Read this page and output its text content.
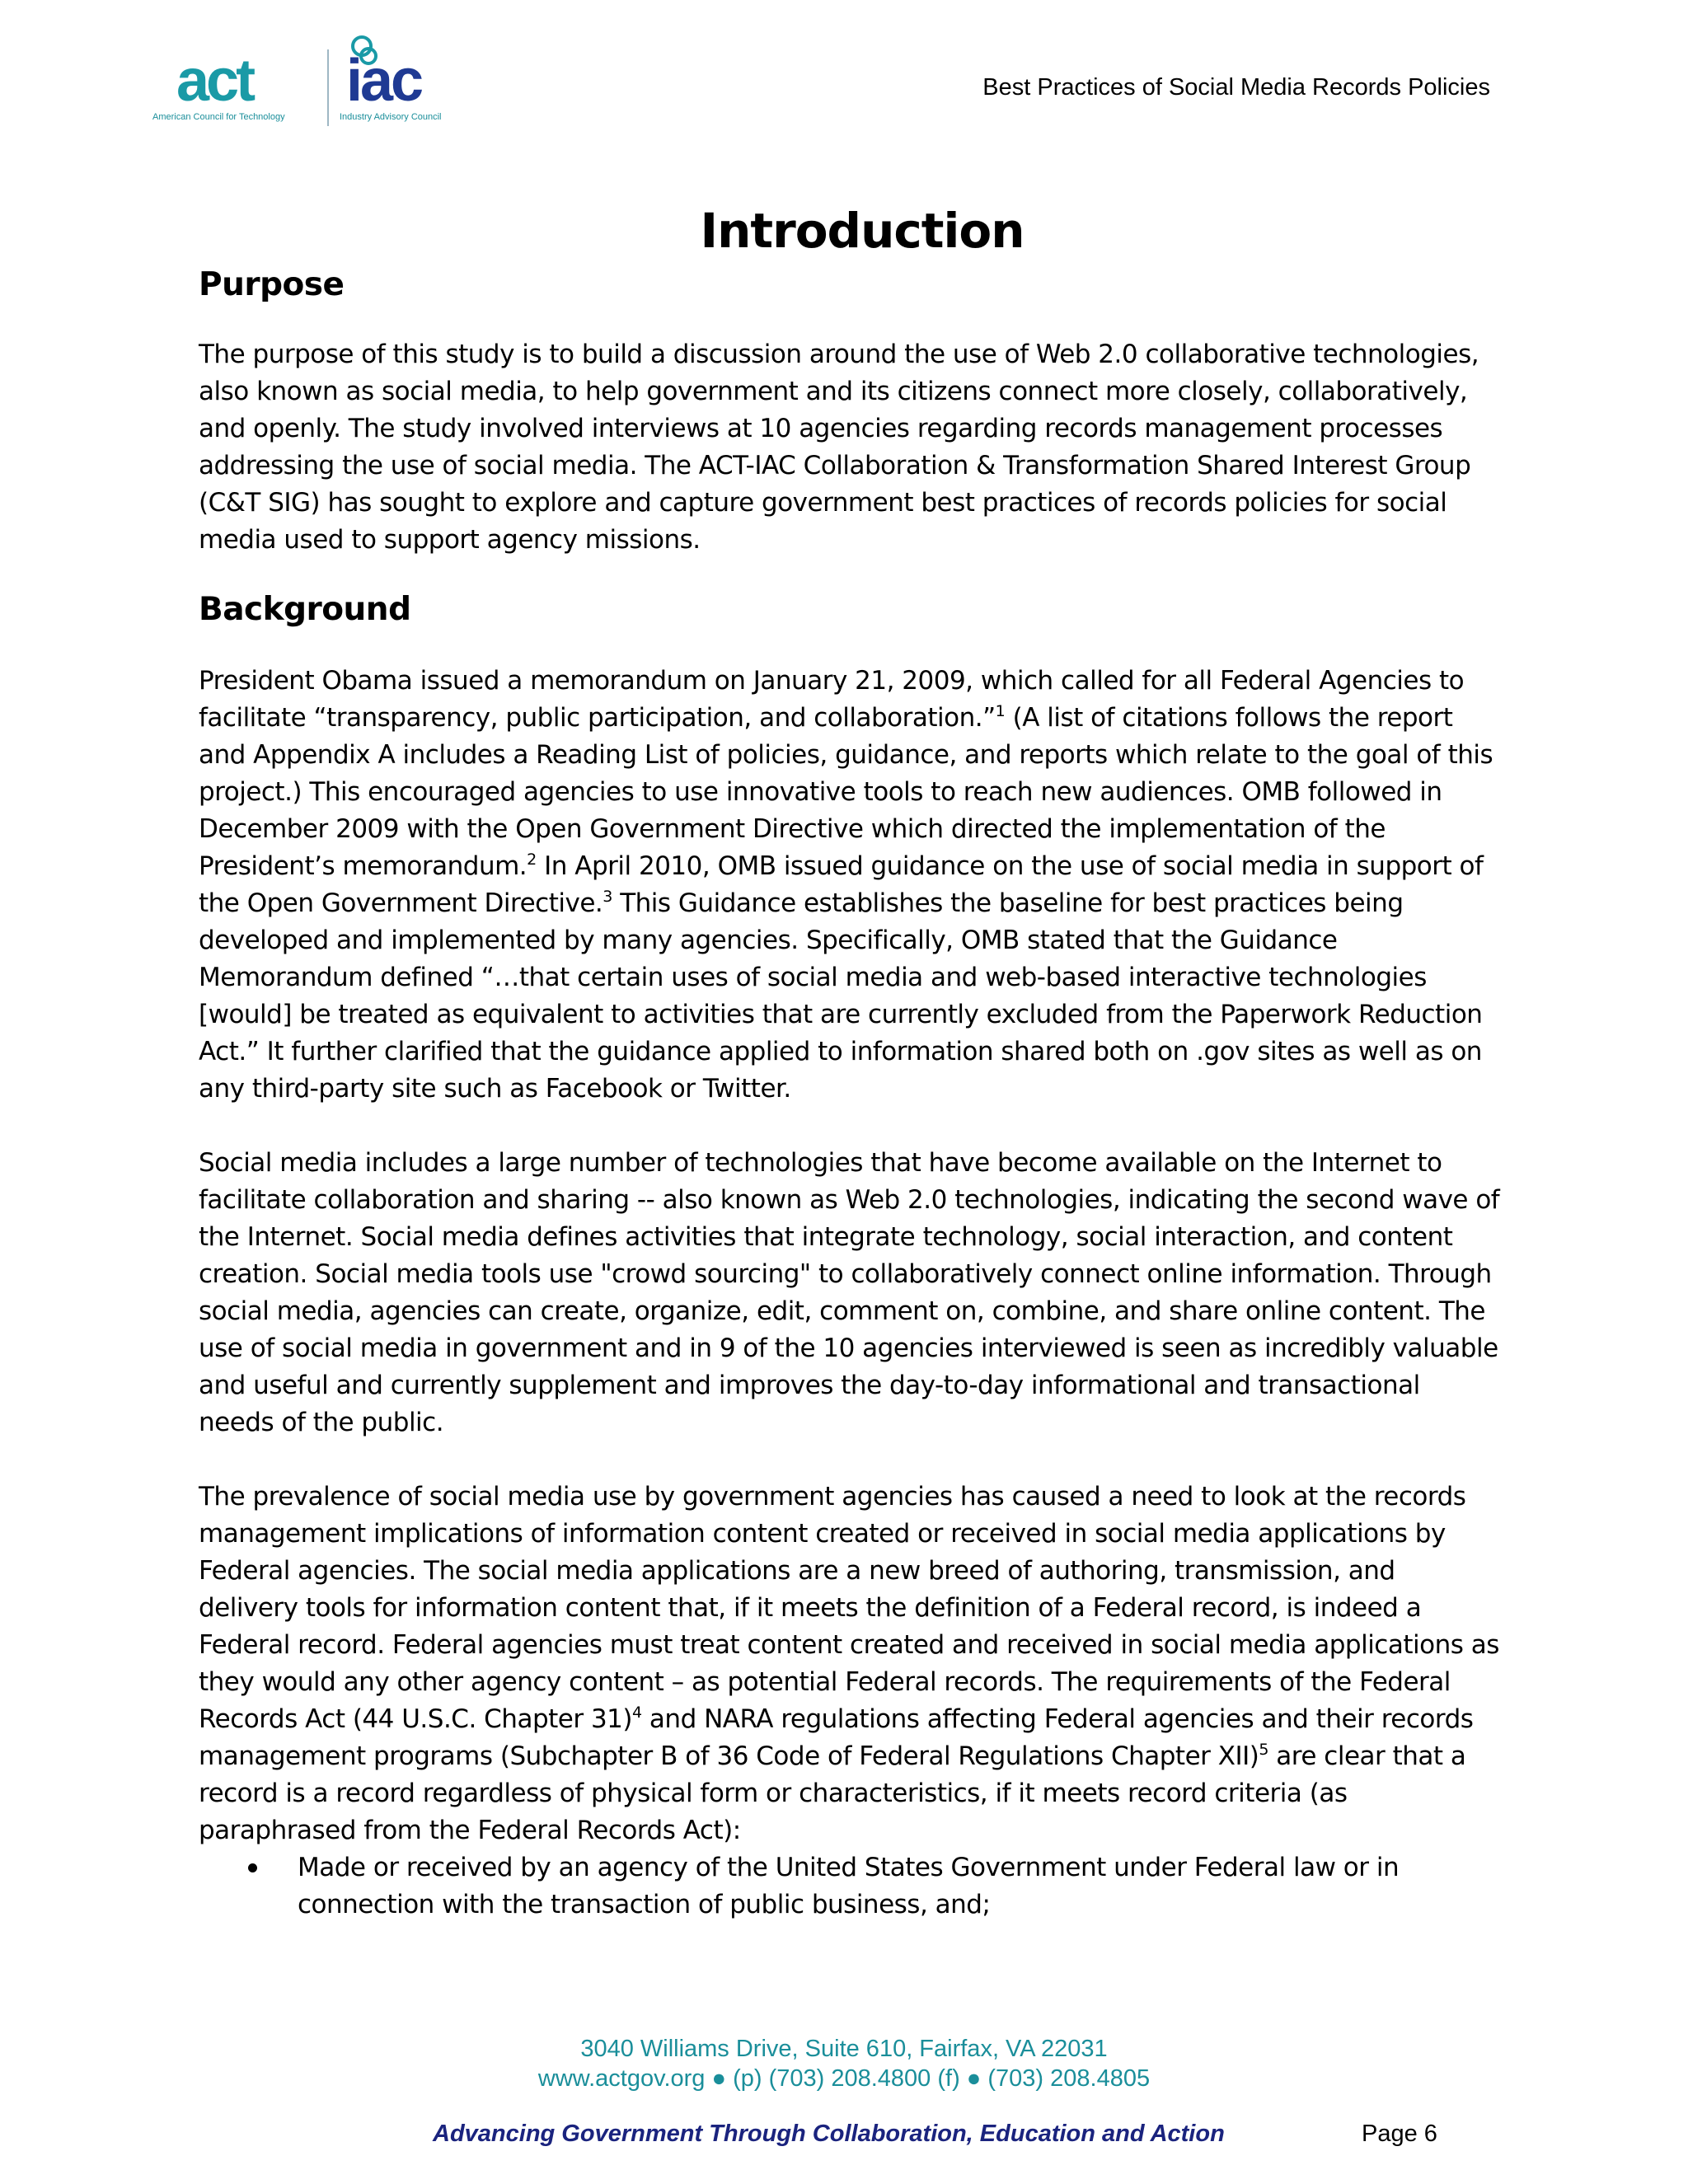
act
American Council for Technology
iac
Industry Advisory Council
Best Practices of Social Media Records Policies
Introduction
Purpose

The purpose of this study is to build a discussion around the use of Web 2.0 collaborative technologies, also known as social media, to help government and its citizens connect more closely, collaboratively, and openly. The study involved interviews at 10 agencies regarding records management processes addressing the use of social media. The ACT-IAC Collaboration & Transformation Shared Interest Group (C&T SIG) has sought to explore and capture government best practices of records policies for social media used to support agency missions.

Background

President Obama issued a memorandum on January 21, 2009, which called for all Federal Agencies to facilitate “transparency, public participation, and collaboration.”$^1$ (A list of citations follows the report and Appendix A includes a Reading List of policies, guidance, and reports which relate to the goal of this project.) This encouraged agencies to use innovative tools to reach new audiences. OMB followed in December 2009 with the Open Government Directive which directed the implementation of the President’s memorandum.$^2$ In April 2010, OMB issued guidance on the use of social media in support of the Open Government Directive.$^3$ This Guidance establishes the baseline for best practices being developed and implemented by many agencies. Specifically, OMB stated that the Guidance Memorandum defined “…that certain uses of social media and web-based interactive technologies [would] be treated as equivalent to activities that are currently excluded from the Paperwork Reduction Act.” It further clarified that the guidance applied to information shared both on .gov sites as well as on any third-party site such as Facebook or Twitter.

Social media includes a large number of technologies that have become available on the Internet to facilitate collaboration and sharing -- also known as Web 2.0 technologies, indicating the second wave of the Internet. Social media defines activities that integrate technology, social interaction, and content creation. Social media tools use "crowd sourcing" to collaboratively connect online information. Through social media, agencies can create, organize, edit, comment on, combine, and share online content. The use of social media in government and in 9 of the 10 agencies interviewed is seen as incredibly valuable and useful and currently supplement and improves the day-to-day informational and transactional needs of the public.

The prevalence of social media use by government agencies has caused a need to look at the records management implications of information content created or received in social media applications by Federal agencies. The social media applications are a new breed of authoring, transmission, and delivery tools for information content that, if it meets the definition of a Federal record, is indeed a Federal record. Federal agencies must treat content created and received in social media applications as they would any other agency content – as potential Federal records. The requirements of the Federal Records Act (44 U.S.C. Chapter 31)$^4$ and NARA regulations affecting Federal agencies and their records management programs (Subchapter B of 36 Code of Federal Regulations Chapter XII)$^5$ are clear that a record is a record regardless of physical form or characteristics, if it meets record criteria (as paraphrased from the Federal Records Act):

Made or received by an agency of the United States Government under Federal law or in connection with the transaction of public business, and;
3040 Williams Drive, Suite 610, Fairfax, VA 22031
www.actgov.org ● (p) (703) 208.4800 (f) ● (703) 208.4805
Advancing Government Through Collaboration, Education and Action	Page 6
